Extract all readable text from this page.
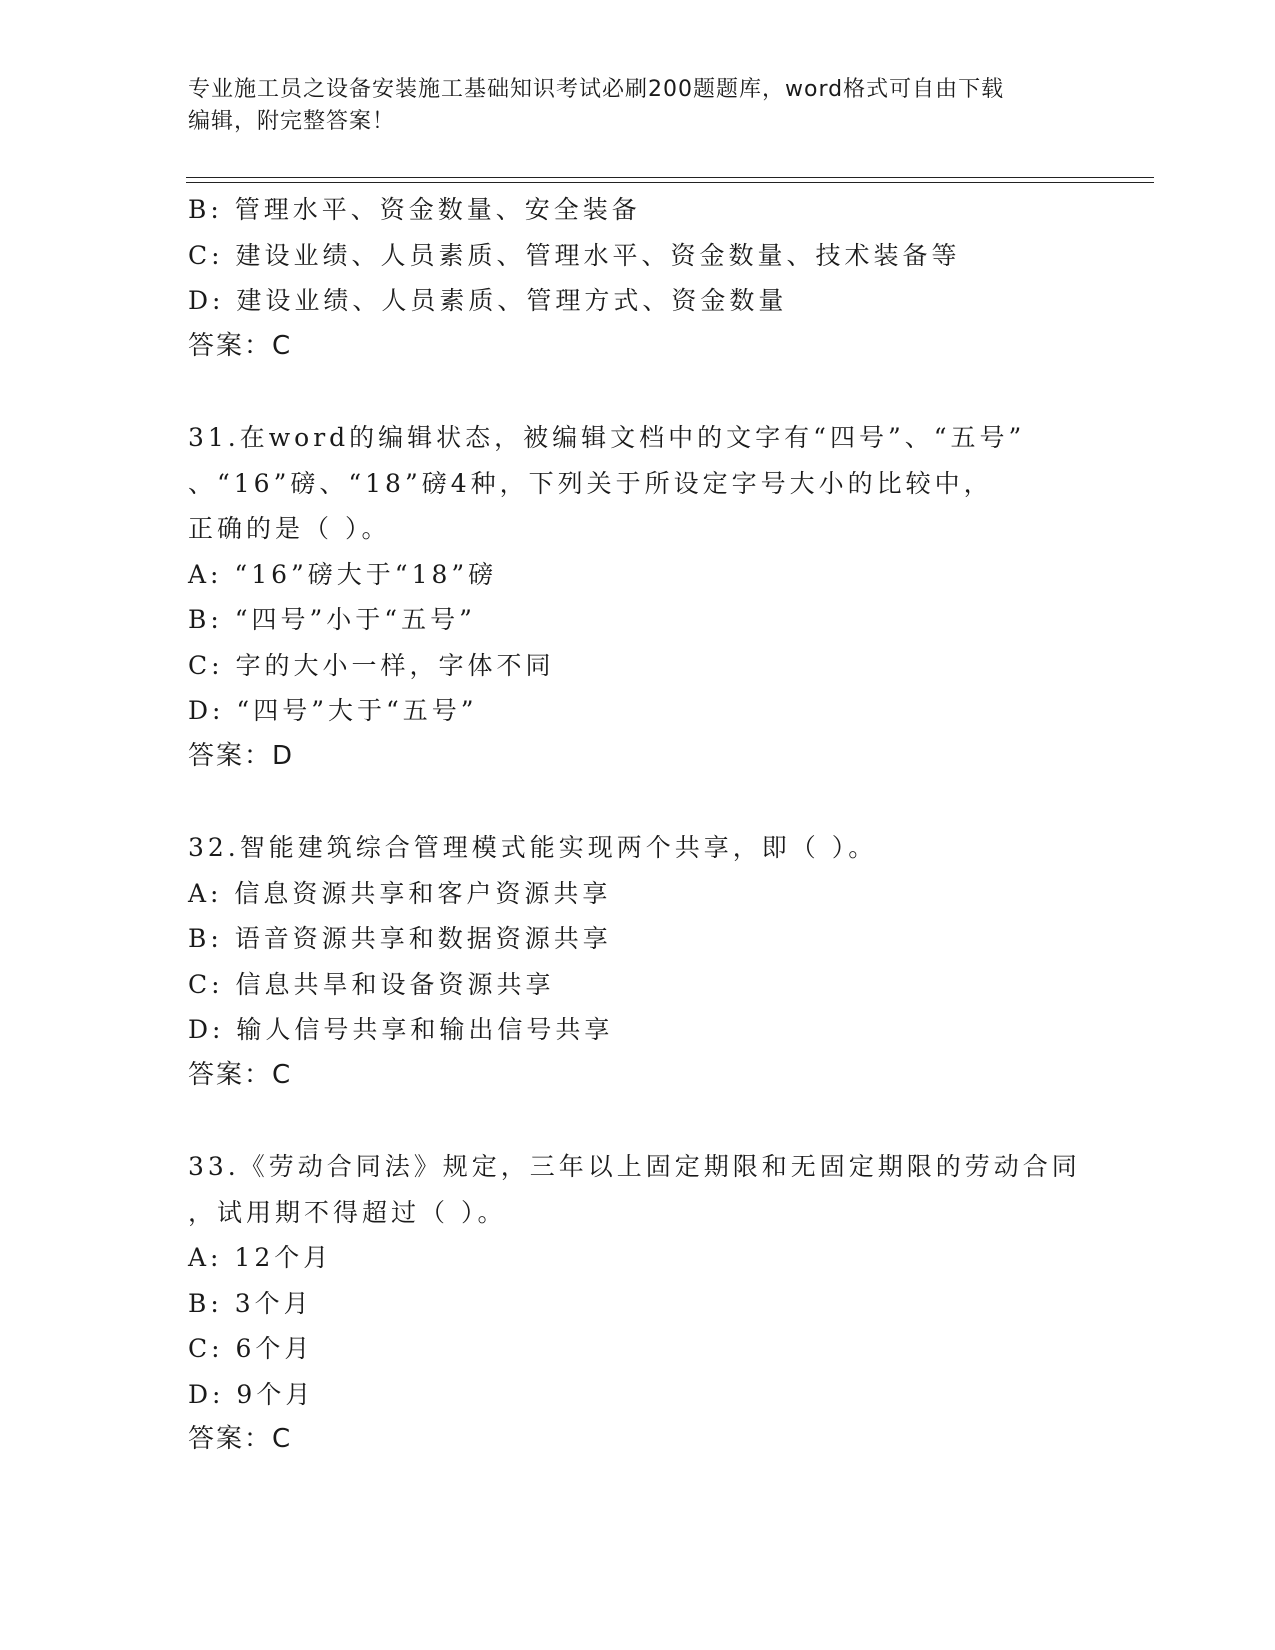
专业施工员之设备安装施工基础知识考试必刷200题题库，word格式可自由下载
编辑，附完整答案！
B: 管理水平、资金数量、安全装备
C: 建设业绩、人员素质、管理水平、资金数量、技术装备等
D: 建设业绩、人员素质、管理方式、资金数量
答案：C
31.在word的编辑状态，被编辑文档中的文字有“四号”、“五号”
、“16”磅、“18”磅4种，下列关于所设定字号大小的比较中，
正确的是（ ）。
A: “16”磅大于“18”磅
B: “四号”小于“五号”
C: 字的大小一样，字体不同
D: “四号”大于“五号”
答案：D
32.智能建筑综合管理模式能实现两个共享，即（ ）。
A: 信息资源共享和客户资源共享
B: 语音资源共享和数据资源共享
C: 信息共旱和设备资源共享
D: 输人信号共享和输出信号共享
答案：C
33.《劳动合同法》规定，三年以上固定期限和无固定期限的劳动合同
，试用期不得超过（ ）。
A: 12个月
B: 3个月
C: 6个月
D: 9个月
答案：C
